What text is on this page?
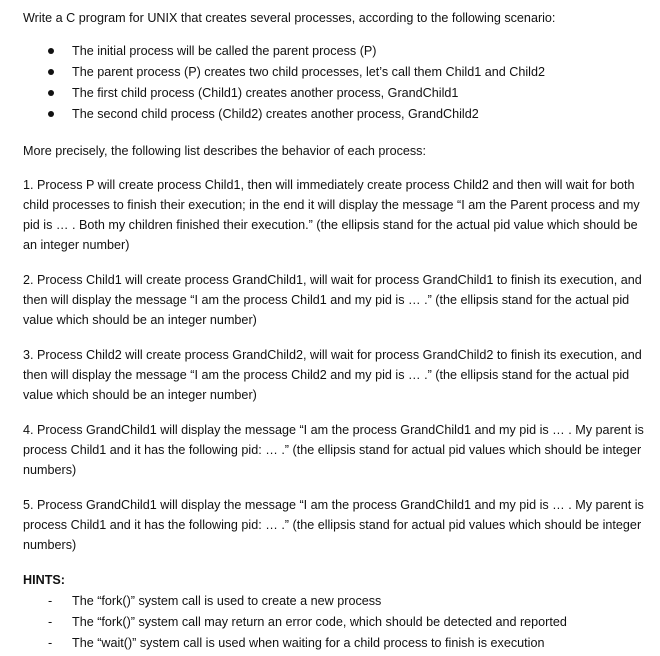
Write a C program for UNIX that creates several processes, according to the following scenario:

The initial process will be called the parent process (P)
The parent process (P) creates two child processes, let’s call them Child1 and Child2
The first child process (Child1) creates another process, GrandChild1
The second child process (Child2) creates another process, GrandChild2

More precisely, the following list describes the behavior of each process:

1. Process P will create process Child1, then will immediately create process Child2 and then will wait for both child processes to finish their execution; in the end it will display the message “I am the Parent process and my pid is … . Both my children finished their execution.” (the ellipsis stand for the actual pid value which should be an integer number)

2. Process Child1 will create process GrandChild1, will wait for process GrandChild1 to finish its execution, and then will display the message “I am the process Child1 and my pid is … .” (the ellipsis stand for the actual pid value which should be an integer number)

3. Process Child2 will create process GrandChild2, will wait for process GrandChild2 to finish its execution, and then will display the message “I am the process Child2 and my pid is … .” (the ellipsis stand for the actual pid value which should be an integer number)

4. Process GrandChild1 will display the message “I am the process GrandChild1 and my pid is … . My parent is process Child1 and it has the following pid: … .” (the ellipsis stand for actual pid values which should be integer numbers)

5. Process GrandChild1 will display the message “I am the process GrandChild1 and my pid is … . My parent is process Child1 and it has the following pid: … .” (the ellipsis stand for actual pid values which should be integer numbers)

HINTS:
- The “fork()” system call is used to create a new process
- The “fork()” system call may return an error code, which should be detected and reported
- The “wait()” system call is used when waiting for a child process to finish is execution
